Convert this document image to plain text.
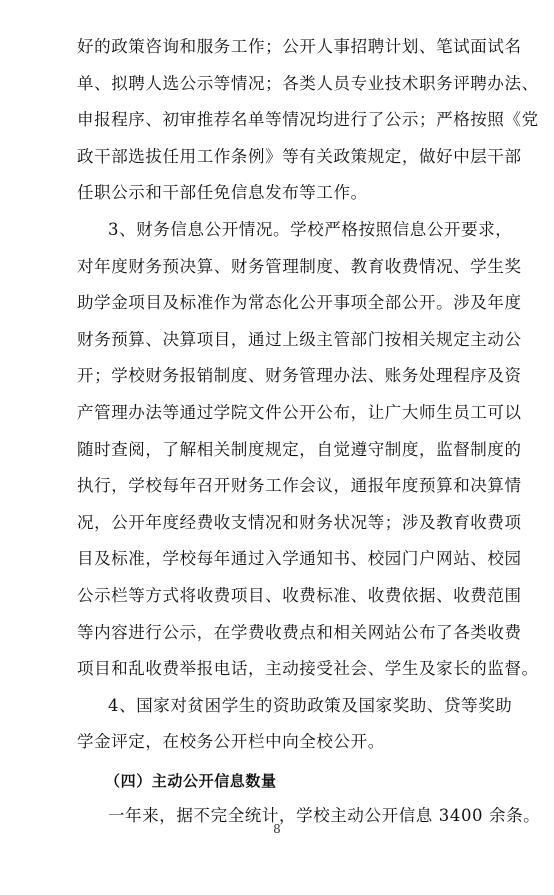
好的政策咨询和服务工作；公开人事招聘计划、笔试面试名
单、拟聘人选公示等情况；各类人员专业技术职务评聘办法、
申报程序、初审推荐名单等情况均进行了公示；严格按照《党
政干部选拔任用工作条例》等有关政策规定，做好中层干部
任职公示和干部任免信息发布等工作。
3、财务信息公开情况。学校严格按照信息公开要求，
对年度财务预决算、财务管理制度、教育收费情况、学生奖
助学金项目及标准作为常态化公开事项全部公开。涉及年度
财务预算、决算项目，通过上级主管部门按相关规定主动公
开；学校财务报销制度、财务管理办法、账务处理程序及资
产管理办法等通过学院文件公开公布，让广大师生员工可以
随时查阅，了解相关制度规定，自觉遵守制度，监督制度的
执行，学校每年召开财务工作会议，通报年度预算和决算情
况，公开年度经费收支情况和财务状况等；涉及教育收费项
目及标准，学校每年通过入学通知书、校园门户网站、校园
公示栏等方式将收费项目、收费标准、收费依据、收费范围
等内容进行公示，在学费收费点和相关网站公布了各类收费
项目和乱收费举报电话，主动接受社会、学生及家长的监督。
4、国家对贫困学生的资助政策及国家奖助、贷等奖助
学金评定，在校务公开栏中向全校公开。
（四）主动公开信息数量
一年来，据不完全统计，学校主动公开信息 3400 余条。
8
